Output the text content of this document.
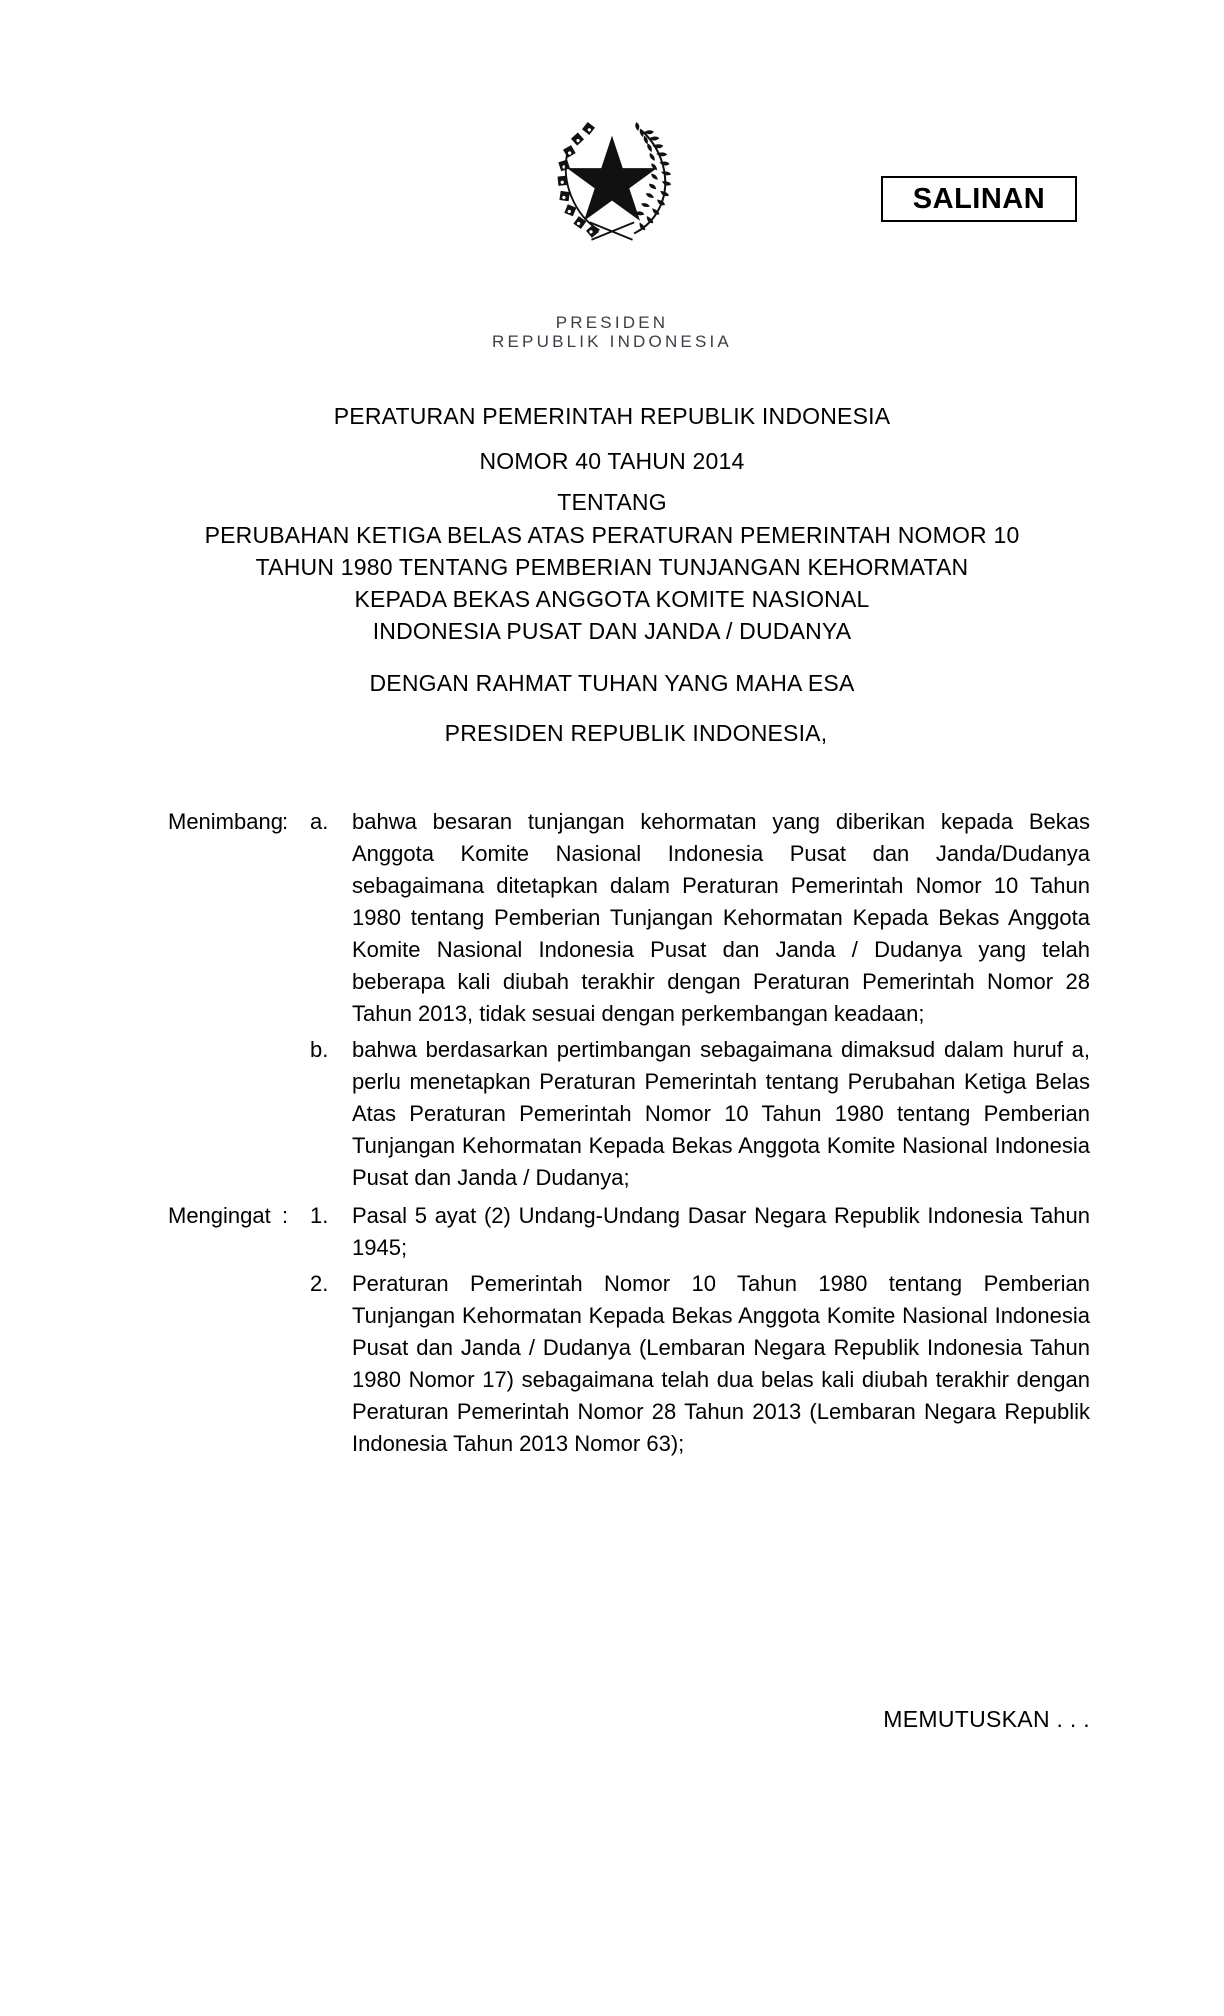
PRESIDEN
REPUBLIK INDONESIA
SALINAN
PERATURAN PEMERINTAH REPUBLIK INDONESIA
NOMOR 40 TAHUN 2014
TENTANG
PERUBAHAN KETIGA BELAS ATAS PERATURAN PEMERINTAH NOMOR 10
TAHUN 1980 TENTANG PEMBERIAN TUNJANGAN KEHORMATAN
KEPADA BEKAS ANGGOTA KOMITE NASIONAL
INDONESIA PUSAT DAN JANDA / DUDANYA
DENGAN RAHMAT TUHAN YANG MAHA ESA
PRESIDEN REPUBLIK INDONESIA,
Menimbang : a.	bahwa besaran tunjangan kehormatan yang diberikan kepada Bekas Anggota Komite Nasional Indonesia Pusat dan Janda/Dudanya sebagaimana ditetapkan dalam Peraturan Pemerintah Nomor 10 Tahun 1980 tentang Pemberian Tunjangan Kehormatan Kepada Bekas Anggota Komite Nasional Indonesia Pusat dan Janda / Dudanya yang telah beberapa kali diubah terakhir dengan Peraturan Pemerintah Nomor 28 Tahun 2013, tidak sesuai dengan perkembangan keadaan;
b.	bahwa berdasarkan pertimbangan sebagaimana dimaksud dalam huruf a, perlu menetapkan Peraturan Pemerintah tentang Perubahan Ketiga Belas Atas Peraturan Pemerintah Nomor 10 Tahun 1980 tentang Pemberian Tunjangan Kehormatan Kepada Bekas Anggota Komite Nasional Indonesia Pusat dan Janda / Dudanya;
Mengingat : 1.	Pasal 5 ayat (2) Undang-Undang Dasar Negara Republik Indonesia Tahun 1945;
2.	Peraturan Pemerintah Nomor 10 Tahun 1980 tentang Pemberian Tunjangan Kehormatan Kepada Bekas Anggota Komite Nasional Indonesia Pusat dan Janda / Dudanya (Lembaran Negara Republik Indonesia Tahun 1980 Nomor 17) sebagaimana telah dua belas kali diubah terakhir dengan Peraturan Pemerintah Nomor 28 Tahun 2013 (Lembaran Negara Republik Indonesia Tahun 2013 Nomor 63);
MEMUTUSKAN . . .
